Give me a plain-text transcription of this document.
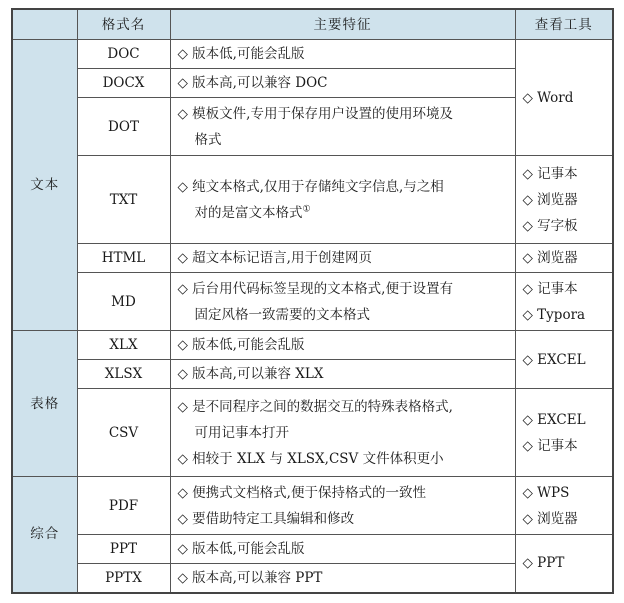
	格式名	主要特征	查看工具
文本	DOC	◇ 版本低,可能会乱版	◇ Word

	DOCX	◇ 版本高,可以兼容 DOC	

	DOT	◇ 模板文件,专用于保存用户设置的使用环境及
格式	

	TXT	◇ 纯文本格式,仅用于存储纯文字信息,与之相
对的是富文本格式①	◇ 记事本
◇ 浏览器
◇ 写字板

	HTML	◇ 超文本标记语言,用于创建网页	◇ 浏览器

	MD	◇ 后台用代码标签呈现的文本格式,便于设置有
固定风格一致需要的文本格式	◇ 记事本
◇ Typora

表格	XLX	◇ 版本低,可能会乱版	◇ EXCEL

	XLSX	◇ 版本高,可以兼容 XLX	

	CSV	◇ 是不同程序之间的数据交互的特殊表格格式,
可用记事本打开
◇ 相较于 XLX 与 XLSX,CSV 文件体积更小	◇ EXCEL
◇ 记事本

综合	PDF	◇ 便携式文档格式,便于保持格式的一致性
◇ 要借助特定工具编辑和修改	◇ WPS
◇ 浏览器

	PPT	◇ 版本低,可能会乱版	◇ PPT

	PPTX	◇ 版本高,可以兼容 PPT	
